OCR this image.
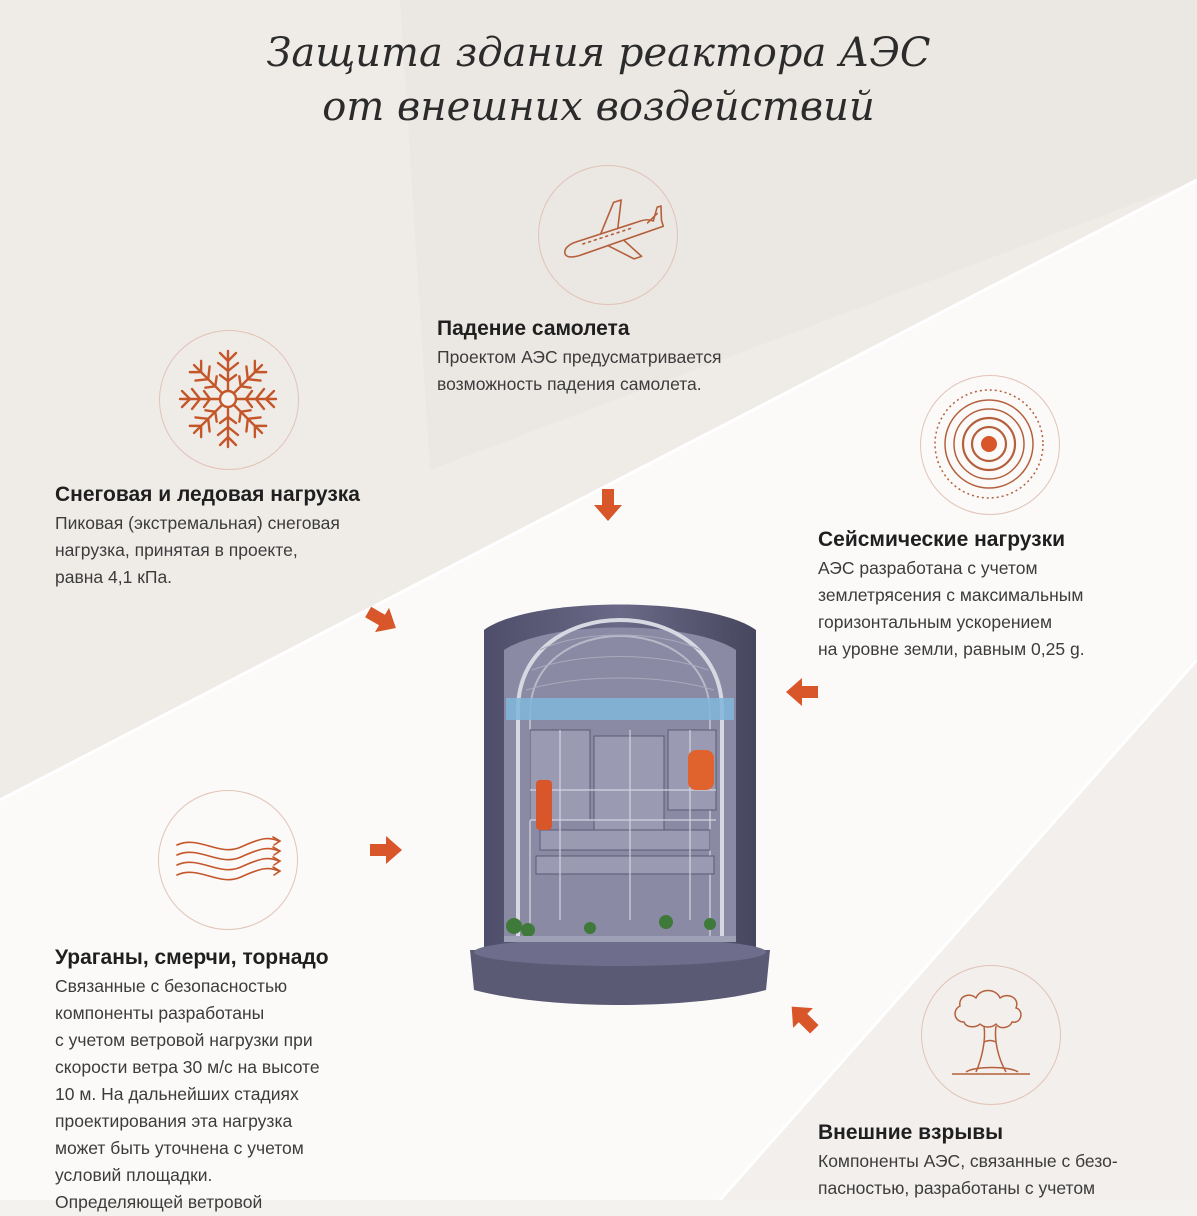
Защита здания реактора АЭС
от внешних воздействий
Падение самолета

Проектом АЭС предусматривается
возможность падения самолета.

Снеговая и ледовая нагрузка

Пиковая (экстремальная) снеговая
нагрузка, принятая в проекте,
равна 4,1 кПа.

Сейсмические нагрузки

АЭС разработана с учетом
землетрясения с максимальным
горизонтальным ускорением
на уровне земли, равным 0,25 g.

Ураганы, смерчи, торнадо

Связанные с безопасностью
компоненты разработаны
с учетом ветровой нагрузки при
скорости ветра 30 м/с на высоте
10 м. На дальнейших стадиях
проектирования эта нагрузка
может быть уточнена с учетом
условий площадки.
Определяющей ветровой

Внешние взрывы

Компоненты АЭС, связанные с безо-
пасностью, разработаны с учетом
